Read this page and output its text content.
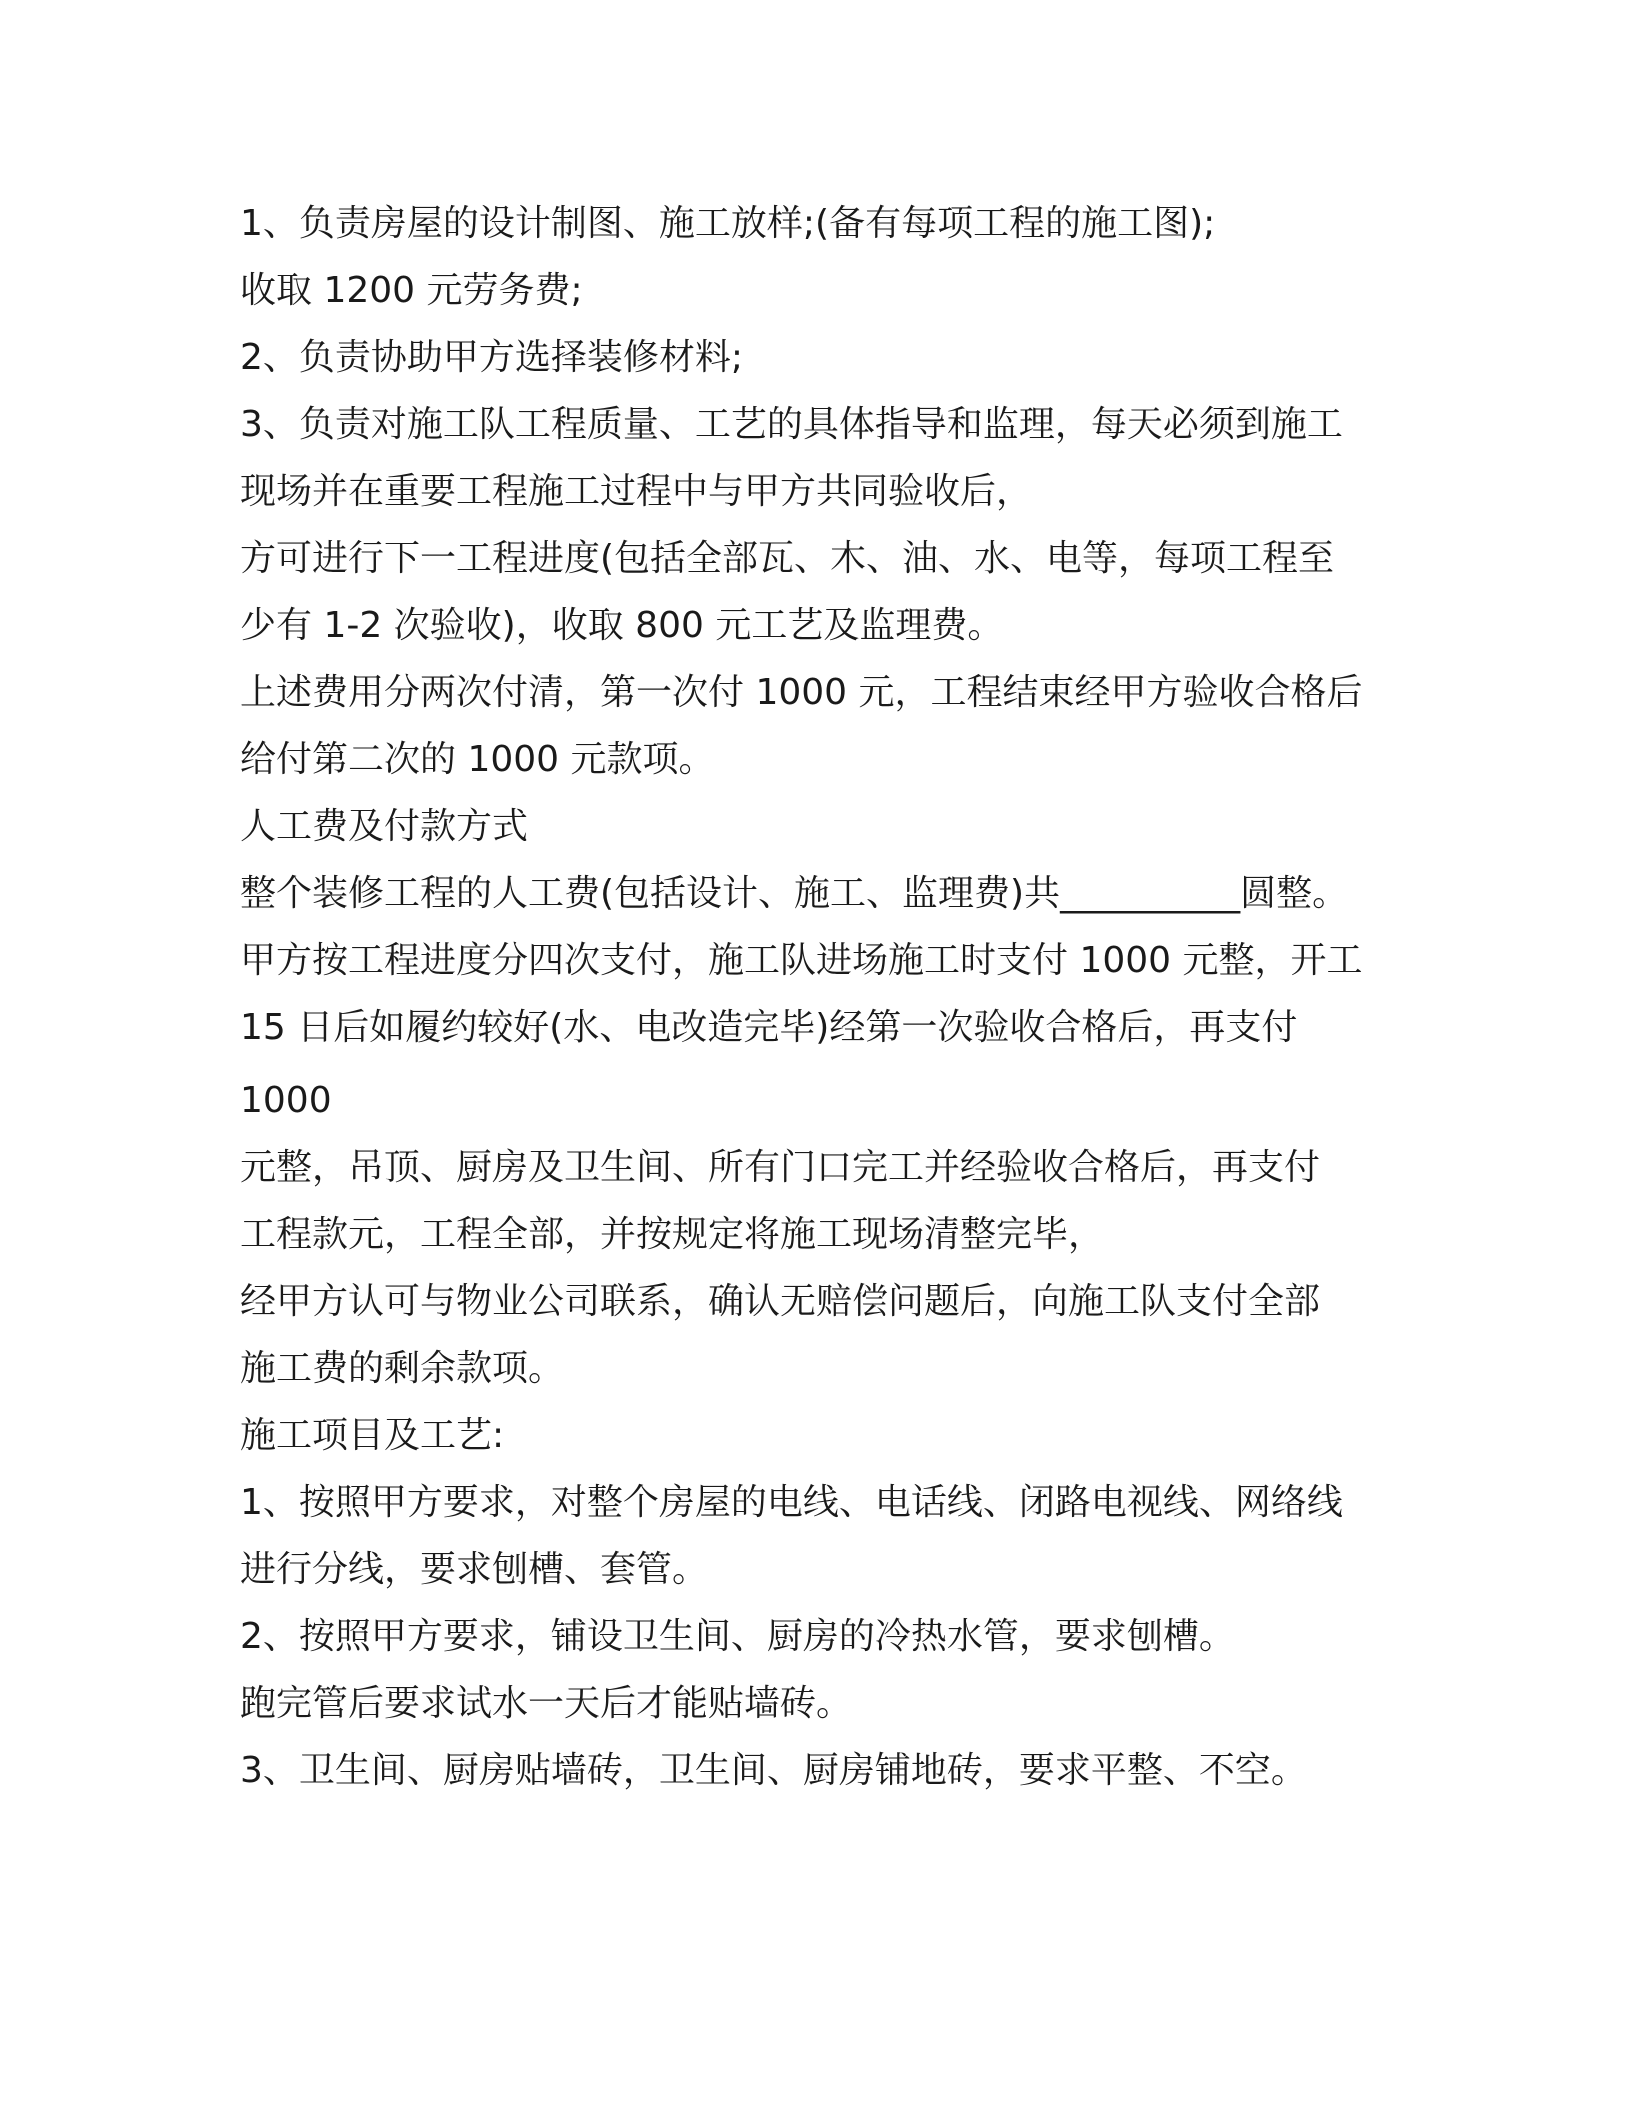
1、负责房屋的设计制图、施工放样;(备有每项工程的施工图);

收取 1200 元劳务费;

2、负责协助甲方选择装修材料;

3、负责对施工队工程质量、工艺的具体指导和监理，每天必须到施工

现场并在重要工程施工过程中与甲方共同验收后，

方可进行下一工程进度(包括全部瓦、木、油、水、电等，每项工程至

少有 1-2 次验收)，收取 800 元工艺及监理费。

上述费用分两次付清，第一次付 1000 元，工程结束经甲方验收合格后

给付第二次的 1000 元款项。

人工费及付款方式

整个装修工程的人工费(包括设计、施工、监理费)共__________圆整。

甲方按工程进度分四次支付，施工队进场施工时支付 1000 元整，开工

15 日后如履约较好(水、电改造完毕)经第一次验收合格后，再支付

1000

元整，吊顶、厨房及卫生间、所有门口完工并经验收合格后，再支付

工程款元，工程全部，并按规定将施工现场清整完毕，

经甲方认可与物业公司联系，确认无赔偿问题后，向施工队支付全部

施工费的剩余款项。

施工项目及工艺:

1、按照甲方要求，对整个房屋的电线、电话线、闭路电视线、网络线

进行分线，要求刨槽、套管。

2、按照甲方要求，铺设卫生间、厨房的冷热水管，要求刨槽。

跑完管后要求试水一天后才能贴墙砖。

3、卫生间、厨房贴墙砖，卫生间、厨房铺地砖，要求平整、不空。
